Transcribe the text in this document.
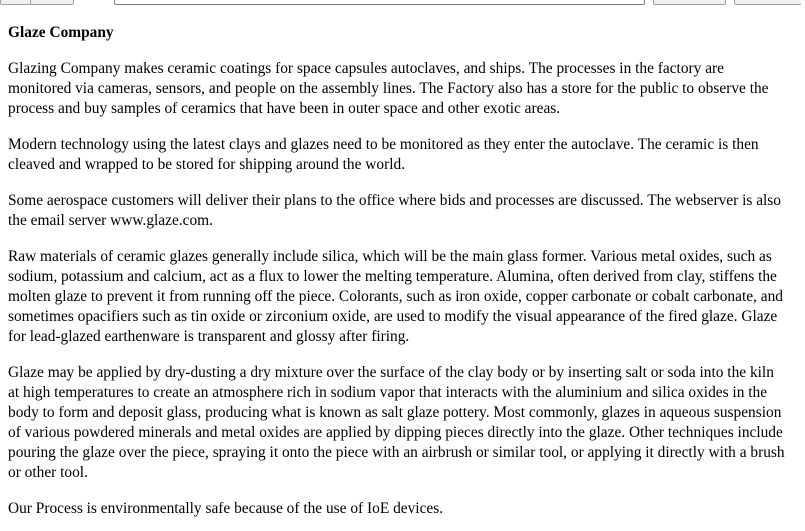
Glaze Company

Glazing Company makes ceramic coatings for space capsules autoclaves, and ships. The processes in the factory are monitored via cameras, sensors, and people on the assembly lines. The Factory also has a store for the public to observe the process and buy samples of ceramics that have been in outer space and other exotic areas.

Modern technology using the latest clays and glazes need to be monitored as they enter the autoclave. The ceramic is then cleaved and wrapped to be stored for shipping around the world.

Some aerospace customers will deliver their plans to the office where bids and processes are discussed. The webserver is also the email server www.glaze.com.

Raw materials of ceramic glazes generally include silica, which will be the main glass former. Various metal oxides, such as sodium, potassium and calcium, act as a flux to lower the melting temperature. Alumina, often derived from clay, stiffens the molten glaze to prevent it from running off the piece. Colorants, such as iron oxide, copper carbonate or cobalt carbonate, and sometimes opacifiers such as tin oxide or zirconium oxide, are used to modify the visual appearance of the fired glaze. Glaze for lead-glazed earthenware is transparent and glossy after firing.

Glaze may be applied by dry-dusting a dry mixture over the surface of the clay body or by inserting salt or soda into the kiln at high temperatures to create an atmosphere rich in sodium vapor that interacts with the aluminium and silica oxides in the body to form and deposit glass, producing what is known as salt glaze pottery. Most commonly, glazes in aqueous suspension of various powdered minerals and metal oxides are applied by dipping pieces directly into the glaze. Other techniques include pouring the glaze over the piece, spraying it onto the piece with an airbrush or similar tool, or applying it directly with a brush or other tool.

Our Process is environmentally safe because of the use of IoE devices.
